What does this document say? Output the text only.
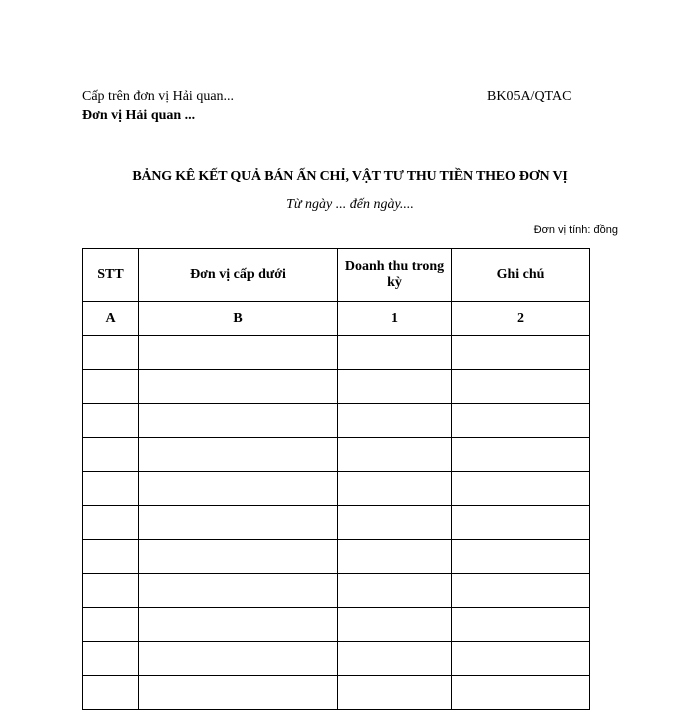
Cấp trên đơn vị Hải quan...	BK05A/QTAC
Đơn vị Hải quan ...
BẢNG KÊ KẾT QUẢ BÁN ẤN CHỈ, VẬT TƯ THU TIỀN THEO ĐƠN VỊ
Từ ngày ... đến ngày....
Đơn vị tính: đồng
STT	Đơn vị cấp dưới	Doanh thu trong kỳ	Ghi chú
A	B	1	2
